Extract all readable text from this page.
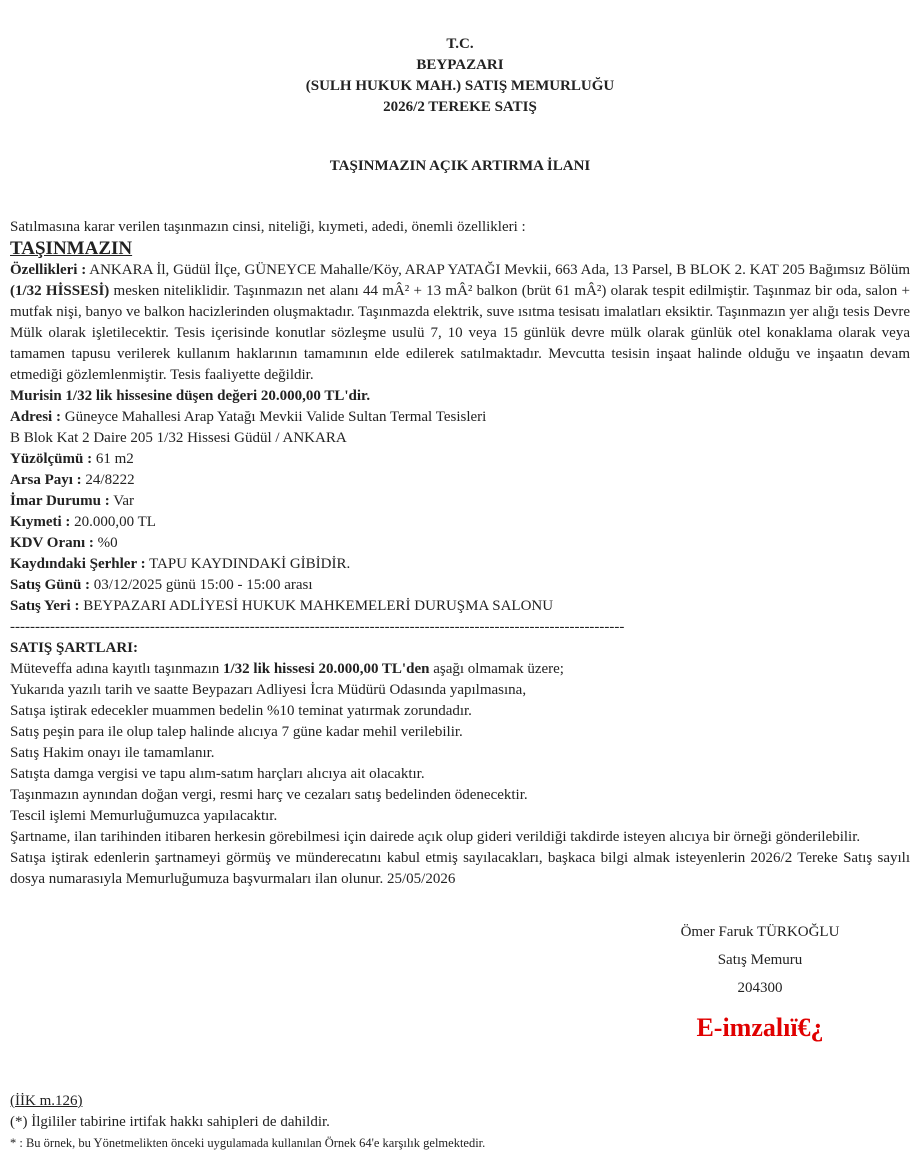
T.C.
BEYPAZARI
(SULH HUKUK MAH.) SATIŞ MEMURLUĞU
2026/2 TEREKE SATIŞ
TAŞINMAZIN AÇIK ARTIRMA İLANI
Satılmasına karar verilen taşınmazın cinsi, niteliği, kıymeti, adedi, önemli özellikleri :
TAŞINMAZIN
Özellikleri : ANKARA İl, Güdül İlçe, GÜNEYCE Mahalle/Köy, ARAP YATAĞI Mevkii, 663 Ada, 13 Parsel, B BLOK 2. KAT 205 Bağımsız Bölüm (1/32 HİSSESİ) mesken niteliklidir. Taşınmazın net alanı 44 mÂ² + 13 mÂ² balkon (brüt 61 mÂ²) olarak tespit edilmiştir. Taşınmaz bir oda, salon + mutfak nişi, banyo ve balkon hacizlerinden oluşmaktadır. Taşınmazda elektrik, suve ısıtma tesisatı imalatları eksiktir. Taşınmazın yer alığı tesis Devre Mülk olarak işletilecektir. Tesis içerisinde konutlar sözleşme usulü 7, 10 veya 15 günlük devre mülk olarak günlük otel konaklama olarak veya tamamen tapusu verilerek kullanım haklarının tamamının elde edilerek satılmaktadır. Mevcutta tesisin inşaat halinde olduğu ve inşaatın devam etmediği gözlemlenmiştir. Tesis faaliyette değildir.
Murisin 1/32 lik hissesine düşen değeri 20.000,00 TL'dir.
Adresi : Güneyce Mahallesi Arap Yatağı Mevkii Valide Sultan Termal Tesisleri
B Blok Kat 2 Daire 205 1/32 Hissesi Güdül / ANKARA
Yüzölçümü : 61 m2
Arsa Payı : 24/8222
İmar Durumu : Var
Kıymeti : 20.000,00 TL
KDV Oranı : %0
Kaydındaki Şerhler : TAPU KAYDINDAKİ GİBİDİR.
Satış Günü : 03/12/2025 günü 15:00 - 15:00 arası
Satış Yeri : BEYPAZARI ADLİYESİ HUKUK MAHKEMELERİ DURUŞMA SALONU
---------------------------------------------------------------------------------------------------------------------------
SATIŞ ŞARTLARI:
Müteveffa adına kayıtlı taşınmazın 1/32 lik hissesi 20.000,00 TL'den aşağı olmamak üzere;
Yukarıda yazılı tarih ve saatte Beypazarı Adliyesi İcra Müdürü Odasında yapılmasına,
Satışa iştirak edecekler muammen bedelin %10 teminat yatırmak zorundadır.
Satış peşin para ile olup talep halinde alıcıya 7 güne kadar mehil verilebilir.
Satış Hakim onayı ile tamamlanır.
Satışta damga vergisi ve tapu alım-satım harçları alıcıya ait olacaktır.
Taşınmazın aynından doğan vergi, resmi harç ve cezaları satış bedelinden ödenecektir.
Tescil işlemi Memurluğumuzca yapılacaktır.
Şartname, ilan tarihinden itibaren herkesin görebilmesi için dairede açık olup gideri verildiği takdirde isteyen alıcıya bir örneği gönderilebilir.
Satışa iştirak edenlerin şartnameyi görmüş ve münderecatını kabul etmiş sayılacakları, başkaca bilgi almak isteyenlerin 2026/2 Tereke Satış sayılı dosya numarasıyla Memurluğumuza başvurmaları ilan olunur. 25/05/2026
Ömer Faruk TÜRKOĞLU
Satış Memuru
204300
E-imzalıï€¿
(İİK m.126)
(*) İlgililer tabirine irtifak hakkı sahipleri de dahildir.
* : Bu örnek, bu Yönetmelikten önceki uygulamada kullanılan Örnek 64'e karşılık gelmektedir.
